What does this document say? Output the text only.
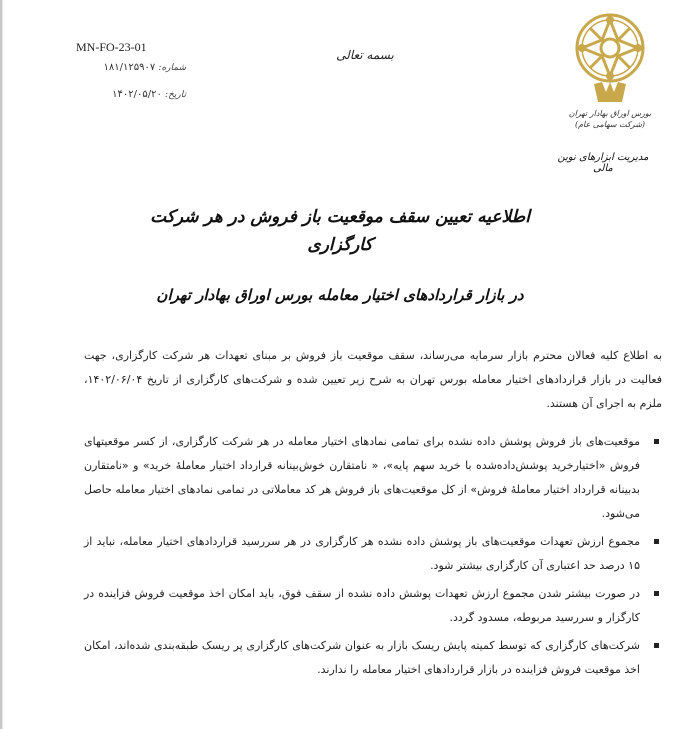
MN-FO-23-01
شماره: ۱۸۱/۱۲۵۹۰۷
تاریخ: ۱۴۰۲/۰۵/۲۰
بسمه تعالی
بورس اوراق بهادار تهران
(شرکت سهامی عام)
مدیریت ابزارهای نوین مالی
اطلاعیه تعیین سقف موقعیت باز فروش در هر شرکت کارگزاری
در بازار قراردادهای اختیار معامله بورس اوراق بهادار تهران

به اطلاع کلیه فعالان محترم بازار سرمایه می‌رساند، سقف موقعیت باز فروش بر مبنای تعهدات هر شرکت کارگزاری، جهت فعالیت در بازار قراردادهای اختیار معامله بورس تهران به شرح زیر تعیین شده و شرکت‌های کارگزاری از تاریخ ۱۴۰۲/۰۶/۰۴، ملزم به اجرای آن هستند.

موقعیت‌های باز فروش پوشش داده نشده برای تمامی نمادهای اختیار معامله در هر شرکت کارگزاری، از کسر موقعیتهای فروش «اختیارخرید پوشش‌داده‌شده با خرید سهم پایه»، « نامتقارن خوش‌بینانه قرارداد اختیار معاملهٔ خرید» و «نامتقارن بدبینانه قرارداد اختیار معاملهٔ فروش» از کل موقعیت‌های باز فروش هر کد معاملاتی در تمامی نمادهای اختیار معامله حاصل می‌شود.
مجموع ارزش تعهدات موقعیت‌های باز پوشش داده نشده هر کارگزاری در هر سررسید قراردادهای اختیار معامله، نباید از ۱۵ درصد حد اعتباری آن کارگزاری بیشتر شود.
در صورت بیشتر شدن مجموع ارزش تعهدات پوشش داده نشده از سقف فوق، باید امکان اخذ موقعیت فروش فزاینده در کارگزار و سررسید مربوطه، مسدود گردد.
شرکت‌های کارگزاری که توسط کمیته پایش ریسک بازار به عنوان شرکت‌های کارگزاری پر ریسک طبقه‌بندی شده‌اند، امکان اخذ موقعیت فروش فزاینده در بازار قراردادهای اختیار معامله را ندارند.
